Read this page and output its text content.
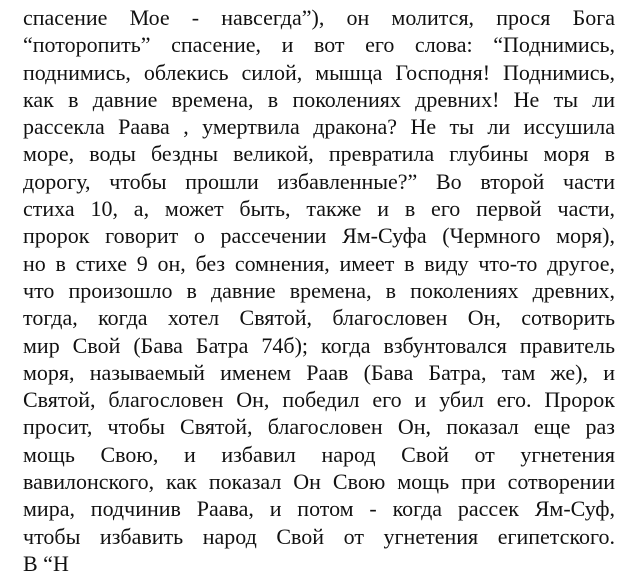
спасение Мое - навсегда”), он молится, прося Бога
“поторопить” спасение, и вот его слова: “Поднимись,
поднимись, облекись силой, мышца Господня! Поднимись,
как в давние времена, в поколениях древних! Не ты ли
рассекла Раава , умертвила дракона? Не ты ли иссушила
море, воды бездны великой, превратила глубины моря в
дорогу, чтобы прошли избавленные?” Во второй части
стиха 10, а, может быть, также и в его первой части,
пророк говорит о рассечении Ям-Суфа (Чермного моря),
но в стихе 9 он, без сомнения, имеет в виду что-то другое,
что произошло в давние времена, в поколениях древних,
тогда, когда хотел Святой, благословен Он, сотворить
мир Свой (Бава Батра 74б); когда взбунтовался правитель
моря, называемый именем Раав (Бава Батра, там же), и
Святой, благословен Он, победил его и убил его. Пророк
просит, чтобы Святой, благословен Он, показал еще раз
мощь Свою, и избавил народ Свой от угнетения
вавилонского, как показал Он Свою мощь при сотворении
мира, подчинив Раава, и потом - когда рассек Ям-Суф,
чтобы избавить народ Свой от угнетения египетского.
В “Н
